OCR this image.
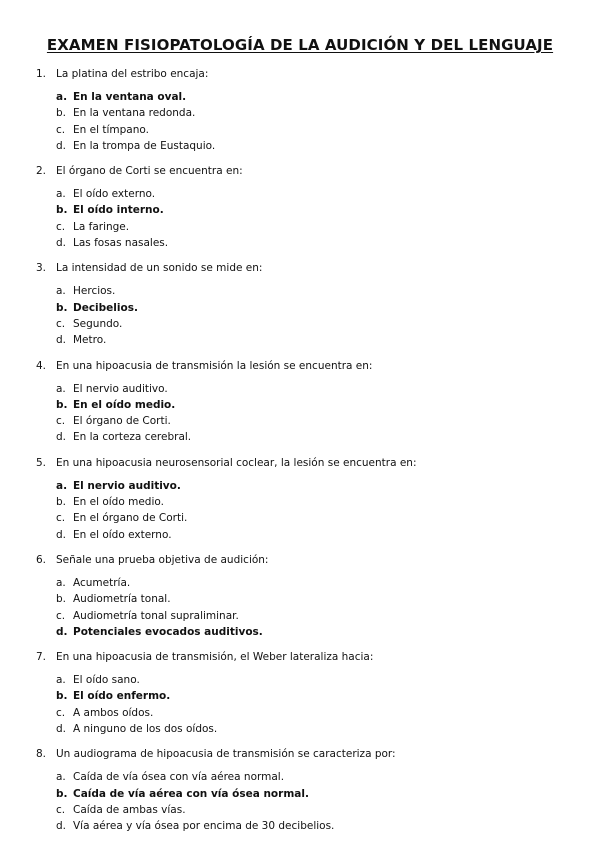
EXAMEN FISIOPATOLOGÍA DE LA AUDICIÓN Y DEL LENGUAJE
1. La platina del estribo encaja:
a. En la ventana oval.
b. En la ventana redonda.
c. En el tímpano.
d. En la trompa de Eustaquio.
2. El órgano de Corti se encuentra en:
a. El oído externo.
b. El oído interno.
c. La faringe.
d. Las fosas nasales.
3. La intensidad de un sonido se mide en:
a. Hercios.
b. Decibelios.
c. Segundo.
d. Metro.
4. En una hipoacusia de transmisión la lesión se encuentra en:
a. El nervio auditivo.
b. En el oído medio.
c. El órgano de Corti.
d. En la corteza cerebral.
5. En una hipoacusia neurosensorial coclear, la lesión se encuentra en:
a. El nervio auditivo.
b. En el oído medio.
c. En el órgano de Corti.
d. En el oído externo.
6. Señale una prueba objetiva de audición:
a. Acumetría.
b. Audiometría tonal.
c. Audiometría tonal supraliminar.
d. Potenciales evocados auditivos.
7. En una hipoacusia de transmisión, el Weber lateraliza hacia:
a. El oído sano.
b. El oído enfermo.
c. A ambos oídos.
d. A ninguno de los dos oídos.
8. Un audiograma de hipoacusia de transmisión se caracteriza por:
a. Caída de vía ósea con vía aérea normal.
b. Caída de vía aérea con vía ósea normal.
c. Caída de ambas vías.
d. Vía aérea y vía ósea por encima de 30 decibelios.
